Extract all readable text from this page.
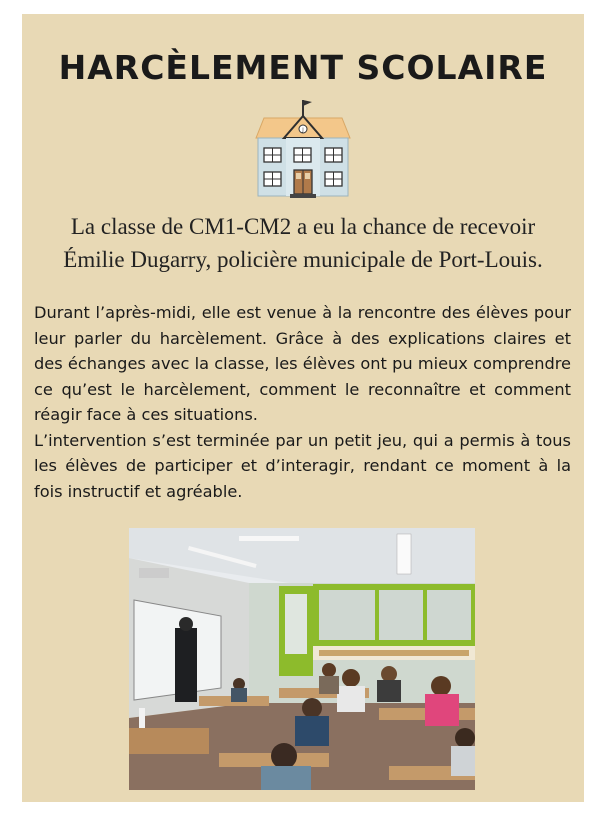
HARCÈLEMENT SCOLAIRE
J
La classe de CM1-CM2 a eu la chance de recevoir
Émilie Dugarry, policière municipale de Port-Louis.

Durant l’après-midi, elle est venue à la rencontre des élèves pour leur parler du harcèlement. Grâce à des explications claires et des échanges avec la classe, les élèves ont pu mieux comprendre ce qu’est le harcèlement, comment le reconnaître et comment réagir face à ces situations.

L’intervention s’est terminée par un petit jeu, qui a permis à tous les élèves de participer et d’interagir, rendant ce moment à la fois instructif et agréable.
